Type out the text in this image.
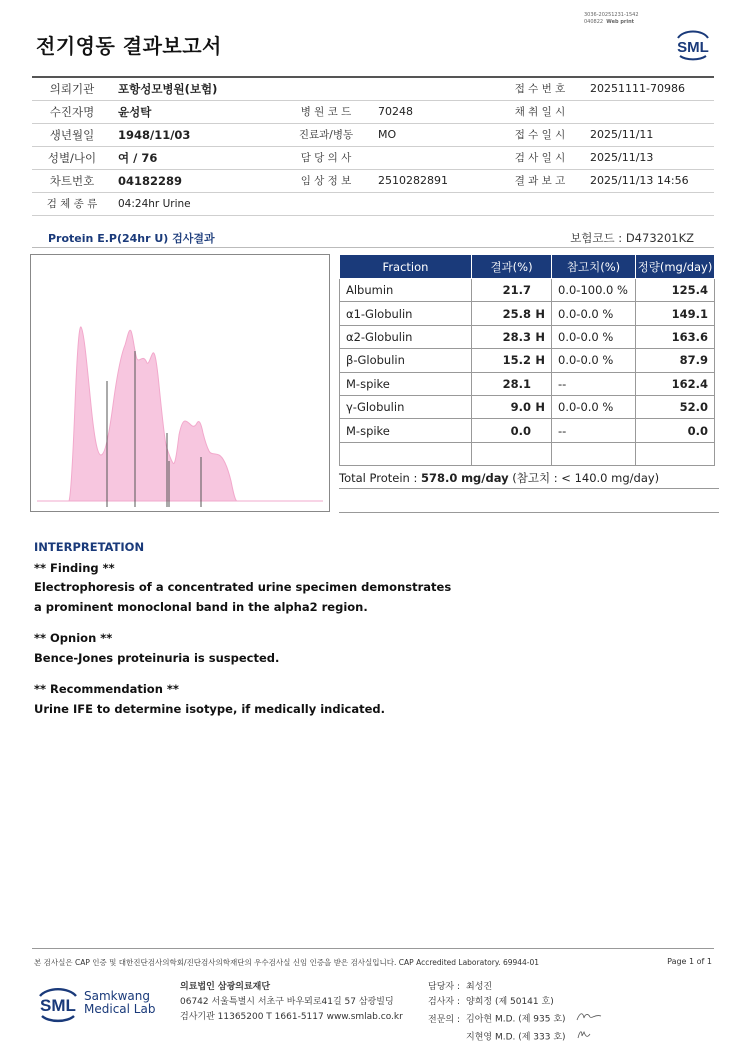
전기영동 결과보고서
3036-20251231-1542
040822 Web print
SML
의뢰기관	포항성모병원(보험)			접 수 번 호	20251111-70986
수진자명	윤성탁	병 원 코 드	70248	채 취 일 시	
생년월일	1948/11/03	진료과/병동	MO	접 수 일 시	2025/11/11
성별/나이	여 / 76	담 당 의 사		검 사 일 시	2025/11/13
차트번호	04182289	임 상 정 보	2510282891	결 과 보 고	2025/11/13 14:56
검 체 종 류	04:24hr Urine				
Protein E.P(24hr U) 검사결과	보험코드 : D473201KZ
Fraction	결과(%)	참고치(%)	정량(mg/day)
Albumin	21.7	0.0-100.0 %	125.4
α1-Globulin	25.8 H	0.0-0.0 %	149.1
α2-Globulin	28.3 H	0.0-0.0 %	163.6
β-Globulin	15.2 H	0.0-0.0 %	87.9
M-spike	28.1	--	162.4
γ-Globulin	9.0 H	0.0-0.0 %	52.0
M-spike	0.0	--	0.0

Total Protein : 578.0 mg/day (참고치 : < 140.0 mg/day)
INTERPRETATION

** Finding **

Electrophoresis of a concentrated urine specimen demonstrates

a prominent monoclonal band in the alpha2 region.

** Opnion **

Bence-Jones proteinuria is suspected.

** Recommendation **

Urine IFE to determine isotype, if medically indicated.

본 검사실은 CAP 인증 및 대한진단검사의학회/진단검사의학재단의 우수검사실 신임 인증을 받은 검사실입니다. CAP Accredited Laboratory. 69944-01	Page 1 of 1
SML Samkwang
Medical Lab
의료법인 삼광의료재단
06742 서울특별시 서초구 바우뫼로41길 57 삼광빌딩
검사기관 11365200 T 1661-5117 www.smlab.co.kr
담당자 : 최성진
검사자 : 양희정 (제 50141 호)
전문의 : 김아현 M.D. (제 935 호)
지현영 M.D. (제 333 호)
